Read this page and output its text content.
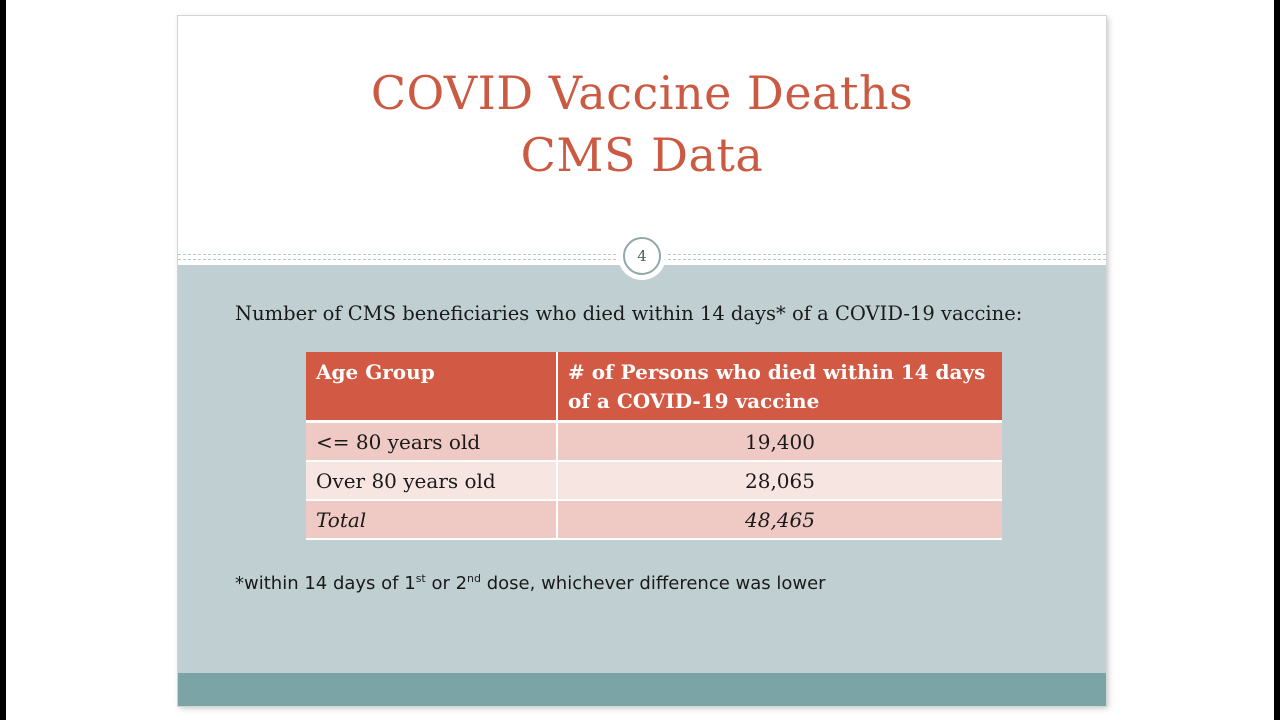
COVID Vaccine Deaths
CMS Data
4
Number of CMS beneficiaries who died within 14 days* of a COVID-19 vaccine:
Age Group	# of Persons who died within 14 days of a COVID-19 vaccine
<= 80 years old	19,400
Over 80 years old	28,065
Total	48,465
*within 14 days of 1st or 2nd dose, whichever difference was lower
